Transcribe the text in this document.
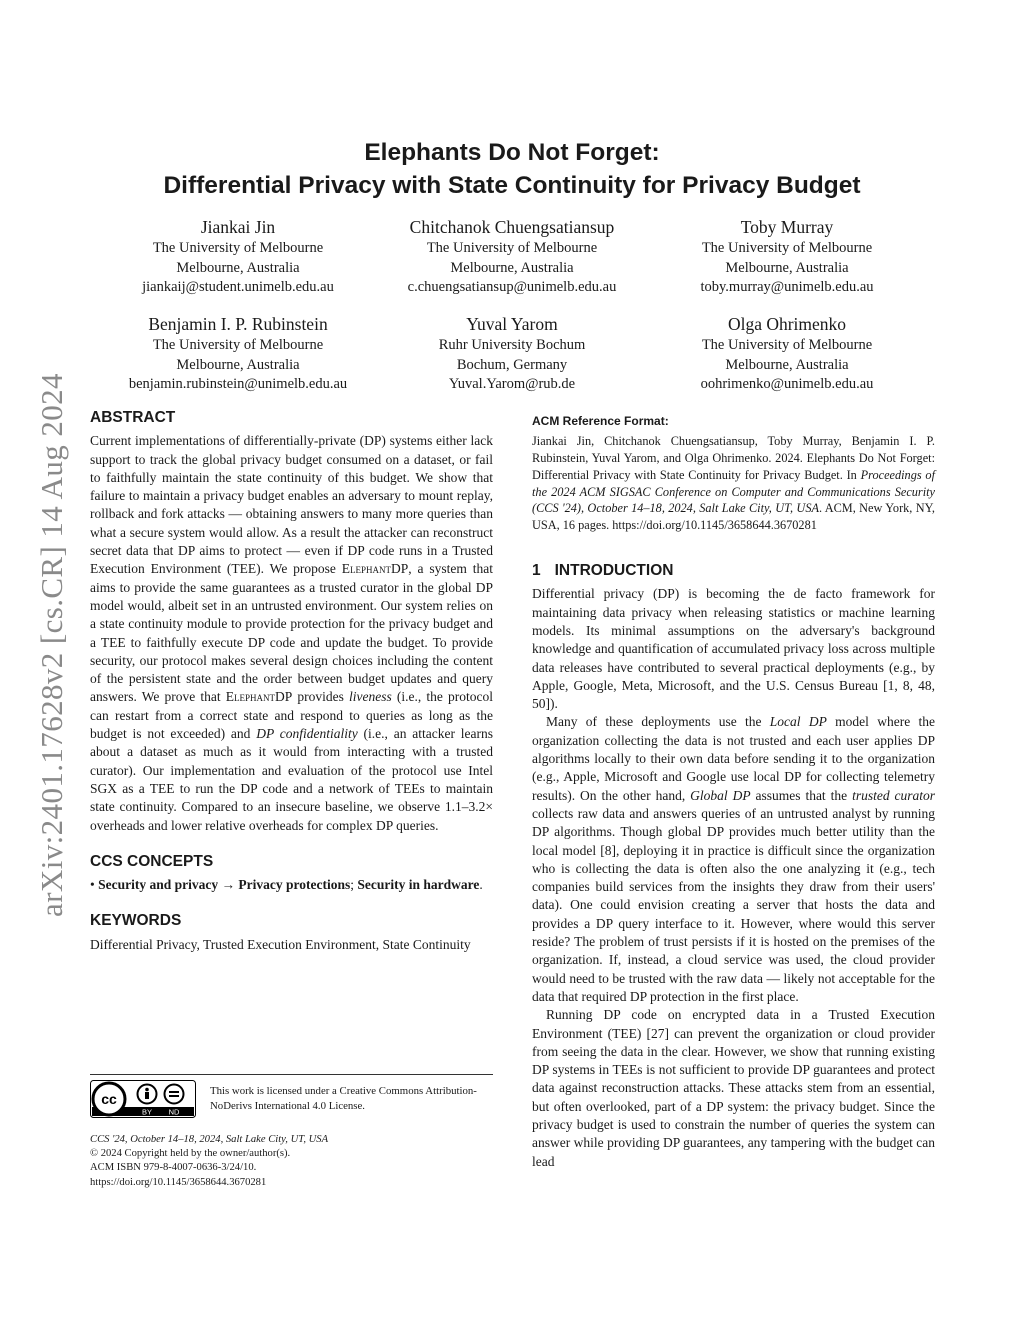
arXiv:2401.17628v2 [cs.CR] 14 Aug 2024
Elephants Do Not Forget:
Differential Privacy with State Continuity for Privacy Budget
Jiankai Jin
The University of Melbourne
Melbourne, Australia
jiankaij@student.unimelb.edu.au
Chitchanok Chuengsatiansup
The University of Melbourne
Melbourne, Australia
c.chuengsatiansup@unimelb.edu.au
Toby Murray
The University of Melbourne
Melbourne, Australia
toby.murray@unimelb.edu.au
Benjamin I. P. Rubinstein
The University of Melbourne
Melbourne, Australia
benjamin.rubinstein@unimelb.edu.au
Yuval Yarom
Ruhr University Bochum
Bochum, Germany
Yuval.Yarom@rub.de
Olga Ohrimenko
The University of Melbourne
Melbourne, Australia
oohrimenko@unimelb.edu.au
ABSTRACT

Current implementations of differentially-private (DP) systems either lack support to track the global privacy budget consumed on a dataset, or fail to faithfully maintain the state continuity of this budget. We show that failure to maintain a privacy budget enables an adversary to mount replay, rollback and fork attacks — obtaining answers to many more queries than what a secure system would allow. As a result the attacker can reconstruct secret data that DP aims to protect — even if DP code runs in a Trusted Execution Environment (TEE). We propose ElephantDP, a system that aims to provide the same guarantees as a trusted curator in the global DP model would, albeit set in an untrusted environment. Our system relies on a state continuity module to provide protection for the privacy budget and a TEE to faithfully execute DP code and update the budget. To provide security, our protocol makes several design choices including the content of the persistent state and the order between budget updates and query answers. We prove that ElephantDP provides liveness (i.e., the protocol can restart from a correct state and respond to queries as long as the budget is not exceeded) and DP confidentiality (i.e., an attacker learns about a dataset as much as it would from interacting with a trusted curator). Our implementation and evaluation of the protocol use Intel SGX as a TEE to run the DP code and a network of TEEs to maintain state continuity. Compared to an insecure baseline, we observe 1.1–3.2× overheads and lower relative overheads for complex DP queries.

CCS CONCEPTS

• Security and privacy → Privacy protections; Security in hardware.

KEYWORDS

Differential Privacy, Trusted Execution Environment, State Continuity

cc
BY ND
This work is licensed under a Creative Commons Attribution-NoDerivs International 4.0 License.
CCS '24, October 14–18, 2024, Salt Lake City, UT, USA
© 2024 Copyright held by the owner/author(s).
ACM ISBN 979-8-4007-0636-3/24/10.
https://doi.org/10.1145/3658644.3670281
ACM Reference Format:

Jiankai Jin, Chitchanok Chuengsatiansup, Toby Murray, Benjamin I. P. Rubinstein, Yuval Yarom, and Olga Ohrimenko. 2024. Elephants Do Not Forget: Differential Privacy with State Continuity for Privacy Budget. In Proceedings of the 2024 ACM SIGSAC Conference on Computer and Communications Security (CCS '24), October 14–18, 2024, Salt Lake City, UT, USA. ACM, New York, NY, USA, 16 pages. https://doi.org/10.1145/3658644.3670281

1 INTRODUCTION

Differential privacy (DP) is becoming the de facto framework for maintaining data privacy when releasing statistics or machine learning models. Its minimal assumptions on the adversary's background knowledge and quantification of accumulated privacy loss across multiple data releases have contributed to several practical deployments (e.g., by Apple, Google, Meta, Microsoft, and the U.S. Census Bureau [1, 8, 48, 50]).

Many of these deployments use the Local DP model where the organization collecting the data is not trusted and each user applies DP algorithms locally to their own data before sending it to the organization (e.g., Apple, Microsoft and Google use local DP for collecting telemetry results). On the other hand, Global DP assumes that the trusted curator collects raw data and answers queries of an untrusted analyst by running DP algorithms. Though global DP provides much better utility than the local model [8], deploying it in practice is difficult since the organization who is collecting the data is often also the one analyzing it (e.g., tech companies build services from the insights they draw from their users' data). One could envision creating a server that hosts the data and provides a DP query interface to it. However, where would this server reside? The problem of trust persists if it is hosted on the premises of the organization. If, instead, a cloud service was used, the cloud provider would need to be trusted with the raw data — likely not acceptable for the data that required DP protection in the first place.

Running DP code on encrypted data in a Trusted Execution Environment (TEE) [27] can prevent the organization or cloud provider from seeing the data in the clear. However, we show that running existing DP systems in TEEs is not sufficient to provide DP guarantees and protect data against reconstruction attacks. These attacks stem from an essential, but often overlooked, part of a DP system: the privacy budget. Since the privacy budget is used to constrain the number of queries the system can answer while providing DP guarantees, any tampering with the budget can lead
